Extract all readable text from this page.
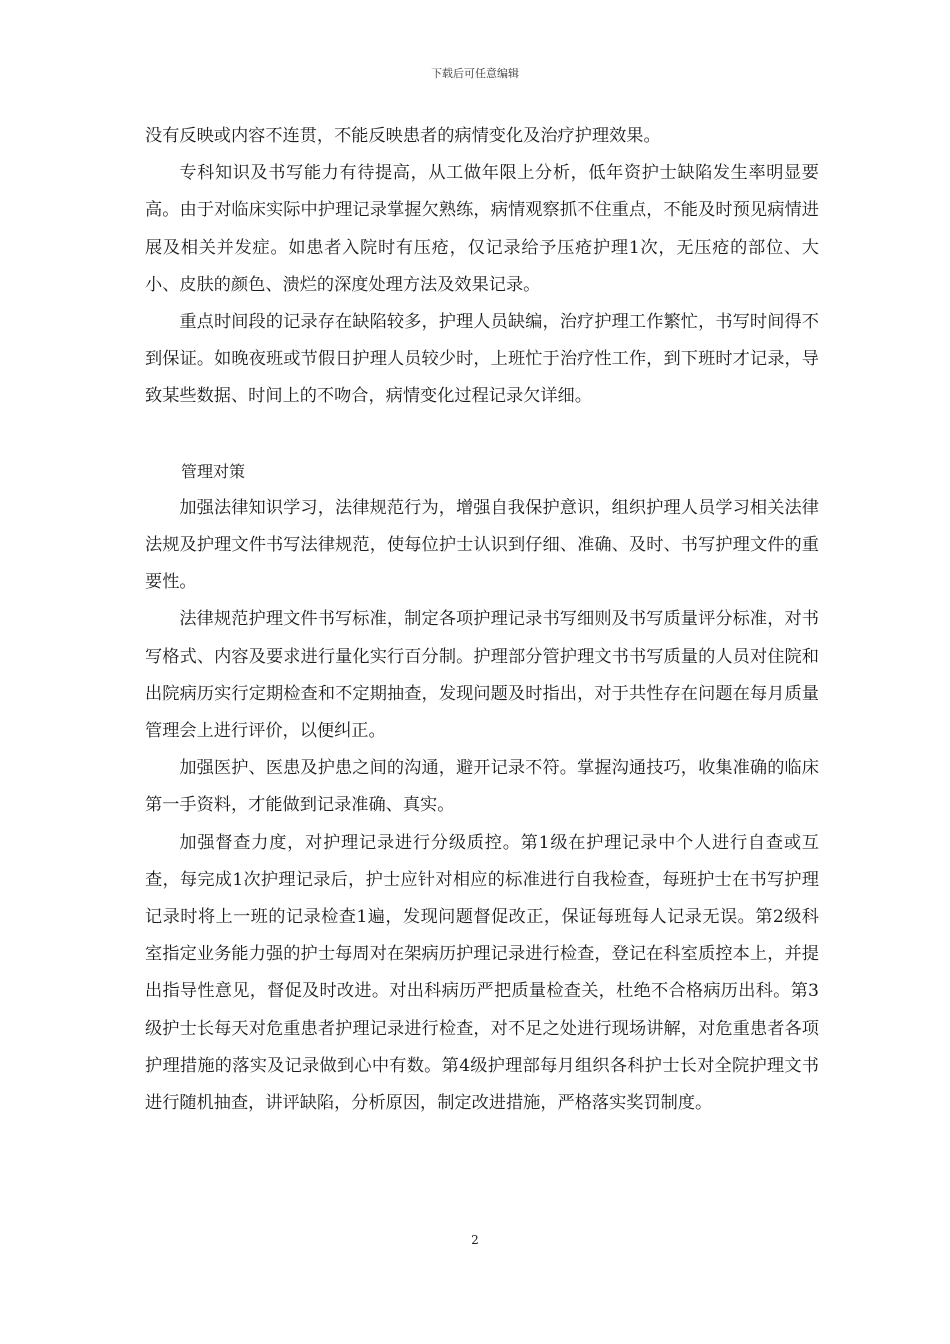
下载后可任意编辑

没有反映或内容不连贯，不能反映患者的病情变化及治疗护理效果。

专科知识及书写能力有待提高，从工做年限上分析，低年资护士缺陷发生率明显要高。由于对临床实际中护理记录掌握欠熟练，病情观察抓不住重点，不能及时预见病情进展及相关并发症。如患者入院时有压疮，仅记录给予压疮护理1次，无压疮的部位、大小、皮肤的颜色、溃烂的深度处理方法及效果记录。

重点时间段的记录存在缺陷较多，护理人员缺编，治疗护理工作繁忙，书写时间得不到保证。如晚夜班或节假日护理人员较少时，上班忙于治疗性工作，到下班时才记录，导致某些数据、时间上的不吻合，病情变化过程记录欠详细。

管理对策

加强法律知识学习，法律规范行为，增强自我保护意识，组织护理人员学习相关法律法规及护理文件书写法律规范，使每位护士认识到仔细、准确、及时、书写护理文件的重要性。

法律规范护理文件书写标准，制定各项护理记录书写细则及书写质量评分标准，对书写格式、内容及要求进行量化实行百分制。护理部分管护理文书书写质量的人员对住院和出院病历实行定期检查和不定期抽查，发现问题及时指出，对于共性存在问题在每月质量管理会上进行评价，以便纠正。

加强医护、医患及护患之间的沟通，避开记录不符。掌握沟通技巧，收集准确的临床第一手资料，才能做到记录准确、真实。

加强督查力度，对护理记录进行分级质控。第1级在护理记录中个人进行自查或互查，每完成1次护理记录后，护士应针对相应的标准进行自我检查，每班护士在书写护理记录时将上一班的记录检查1遍，发现问题督促改正，保证每班每人记录无误。第2级科室指定业务能力强的护士每周对在架病历护理记录进行检查，登记在科室质控本上，并提出指导性意见，督促及时改进。对出科病历严把质量检查关，杜绝不合格病历出科。第3级护士长每天对危重患者护理记录进行检查，对不足之处进行现场讲解，对危重患者各项护理措施的落实及记录做到心中有数。第4级护理部每月组织各科护士长对全院护理文书进行随机抽查，讲评缺陷，分析原因，制定改进措施，严格落实奖罚制度。

2
